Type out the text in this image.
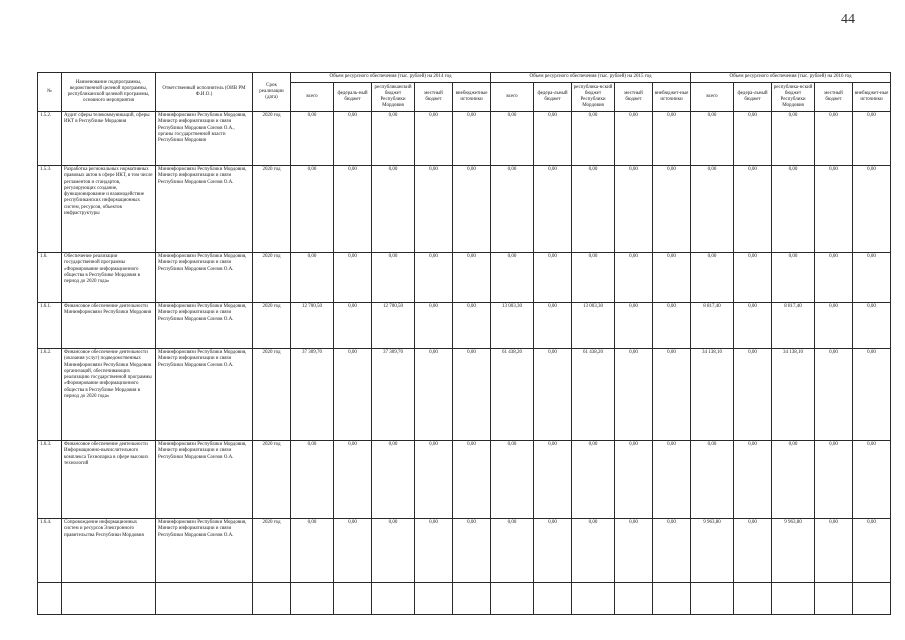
44
№	Наименование подпрограммы, ведомственной целевой программы, республиканской целевой программы, основного мероприятия	Ответственный исполнитель (ОИВ РМ Ф.И.О.)	Срок реализации (дата)	Объем ресурсного обеспечения (тыс. рублей) на 2014 год					Объем ресурсного обеспечения (тыс. рублей) на 2015 год					Объем ресурсного обеспечения (тыс. рублей) на 2016 год				
				всего	федераль-ный бюджет	республиканский бюджет Республики Мордовия	местный бюджет	внебюджетные источники	всего	федера-льный бюджет	республика-нский бюджет Республики Мордовия	местный бюджет	внебюджет-ные источники	всего	федера-льный бюджет	республика-нский бюджет Республики Мордовия	местный бюджет	внебюджет-ные источники
1.5.2.	Аудит сферы телекоммуникаций, сферы ИКТ в Республике Мордовия	Мининформсвязи Республики Мордовия, Министр информатизации и связи Республики Мордовия Сонзов О.А., органы государственной власти Республики Мордовия	2020 год	0,00	0,00	0,00	0,00	0,00	0,00	0,00	0,00	0,00	0,00	0,00	0,00	0,00	0,00	0,00
1.5.3.	Разработка региональных нормативных правовых актов в сфере ИКТ, в том числе регламентов и стандартов, регулирующих создание, функционирование и взаимодействие республиканских информационных систем, ресурсов, объектов инфраструктуры	Мининформсвязи Республики Мордовия, Министр информатизации и связи Республики Мордовия Сонзов О.А.	2020 год	0,00	0,00	0,00	0,00	0,00	0,00	0,00	0,00	0,00	0,00	0,00	0,00	0,00	0,00	0,00
1.6.	Обеспечение реализации государственной программы «Формирование информационного общества в Республике Мордовия в период до 2020 года»	Мининформсвязи Республики Мордовия, Министр информатизации и связи Республики Мордовия Сонзов О.А.	2020 год	0,00	0,00	0,00	0,00	0,00	0,00	0,00	0,00	0,00	0,00	0,00	0,00	0,00	0,00	0,00
1.6.1.	Финансовое обеспечение деятельности Мининформсвязи Республики Мордовия	Мининформсвязи Республики Мордовия, Министр информатизации и связи Республики Мордовия Сонзов О.А.	2020 год	12 700,50	0,00	12 700,50	0,00	0,00	13 003,30	0,00	13 003,30	0,00	0,00	8 817,40	0,00	8 817,40	0,00	0,00
1.6.2.	Финансовое обеспечение деятельности (оказания услуг) подведомственных Мининформсвязи Республики Мордовия организаций, обеспечивающих реализацию государственной программы «Формирование информационного общества в Республике Мордовия в период до 2020 года»	Мининформсвязи Республики Мордовия, Министр информатизации и связи Республики Мордовия Сонзов О.А.	2020 год	37 309,70	0,00	37 309,70	0,00	0,00	61 438,20	0,00	61 438,20	0,00	0,00	34 138,10	0,00	34 138,10	0,00	0,00
1.6.3.	Финансовое обеспечение деятельности Информационно-вычислительного комплекса Технопарка в сфере высоких технологий	Мининформсвязи Республики Мордовия, Министр информатизации и связи Республики Мордовия Сонзов О.А.	2020 год	0,00	0,00	0,00	0,00	0,00	0,00	0,00	0,00	0,00	0,00	0,00	0,00	0,00	0,00	0,00
1.6.4.	Сопровождение информационных систем и ресурсов Электронного правительства Республики Мордовия	Мининформсвязи Республики Мордовия, Министр информатизации и связи Республики Мордовия Сонзов О.А.	2020 год	0,00	0,00	0,00	0,00	0,00	0,00	0,00	0,00	0,00	0,00	9 963,80	0,00	9 963,80	0,00	0,00
